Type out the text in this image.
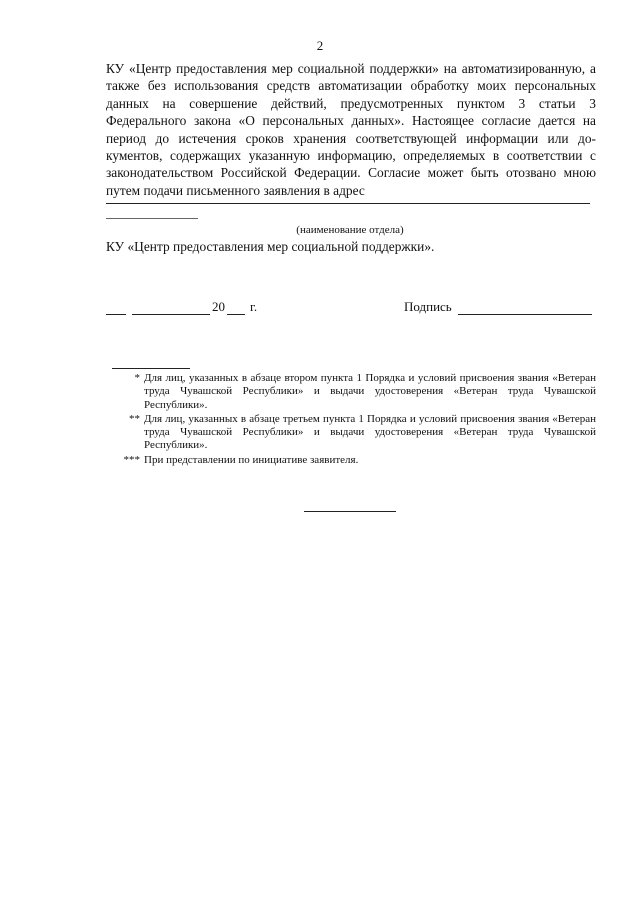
2

КУ «Центр предоставления мер социальной поддержки» на автоматизированную, а также без использования средств автоматизации обработку моих персональных данных на совершение действий, предусмотренных пунктом 3 статьи 3 Федерального закона «О персональных данных». Настоящее согласие дается на период до истечения сроков хранения соответствующей информации или документов, содержащих указанную информацию, определяемых в соответствии с законодательством Российской Федерации. Согласие может быть отозвано мною путем подачи письменного заявления в адрес

(наименование отдела)
КУ «Центр предоставления мер социальной поддержки».
20	г.	Подпись
* Для лиц, указанных в абзаце втором пункта 1 Порядка и условий присвоения звания «Ветеран труда Чувашской Республики» и выдачи удостоверения «Ветеран труда Чувашской Республики».
** Для лиц, указанных в абзаце третьем пункта 1 Порядка и условий присвоения звания «Ветеран труда Чувашской Республики» и выдачи удостоверения «Ветеран труда Чувашской Республики».
*** При представлении по инициативе заявителя.
